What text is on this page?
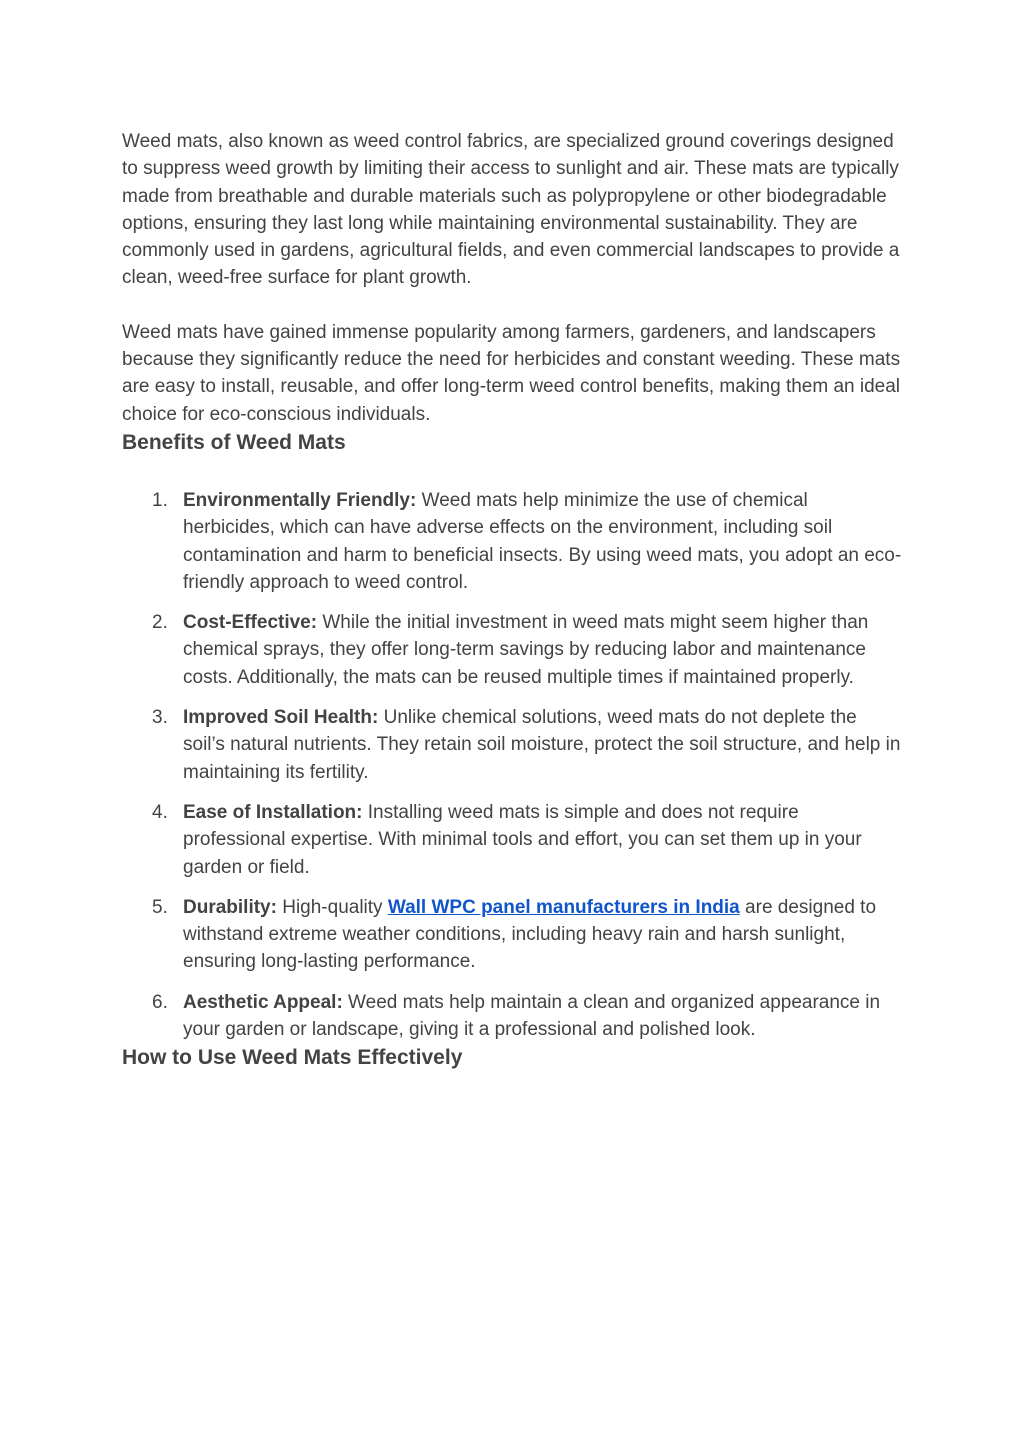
Weed mats, also known as weed control fabrics, are specialized ground coverings designed to suppress weed growth by limiting their access to sunlight and air. These mats are typically made from breathable and durable materials such as polypropylene or other biodegradable options, ensuring they last long while maintaining environmental sustainability. They are commonly used in gardens, agricultural fields, and even commercial landscapes to provide a clean, weed-free surface for plant growth.

Weed mats have gained immense popularity among farmers, gardeners, and landscapers because they significantly reduce the need for herbicides and constant weeding. These mats are easy to install, reusable, and offer long-term weed control benefits, making them an ideal choice for eco-conscious individuals.

Benefits of Weed Mats
1. Environmentally Friendly: Weed mats help minimize the use of chemical herbicides, which can have adverse effects on the environment, including soil contamination and harm to beneficial insects. By using weed mats, you adopt an eco-friendly approach to weed control.
2. Cost-Effective: While the initial investment in weed mats might seem higher than chemical sprays, they offer long-term savings by reducing labor and maintenance costs. Additionally, the mats can be reused multiple times if maintained properly.
3. Improved Soil Health: Unlike chemical solutions, weed mats do not deplete the soil’s natural nutrients. They retain soil moisture, protect the soil structure, and help in maintaining its fertility.
4. Ease of Installation: Installing weed mats is simple and does not require professional expertise. With minimal tools and effort, you can set them up in your garden or field.
5. Durability: High-quality Wall WPC panel manufacturers in India are designed to withstand extreme weather conditions, including heavy rain and harsh sunlight, ensuring long-lasting performance.
6. Aesthetic Appeal: Weed mats help maintain a clean and organized appearance in your garden or landscape, giving it a professional and polished look.
How to Use Weed Mats Effectively
